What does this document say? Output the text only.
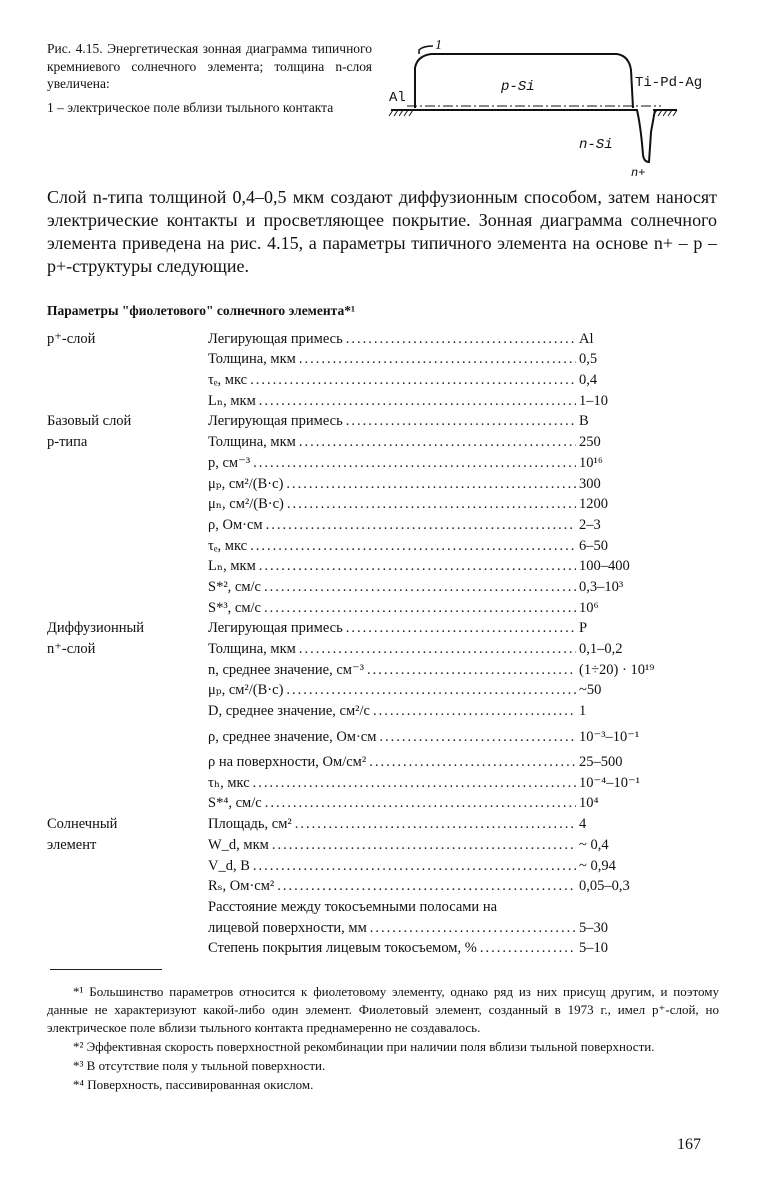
Рис. 4.15. Энергетическая зонная диаграмма типичного кремниевого солнечного элемента; толщина n-слоя увеличена:

1 – электрическое поле вблизи тыльного контакта

1
Al
p-Si	Ti-Pd-Ag
n-Si
n+

Слой n-типа толщиной 0,4–0,5 мкм создают диффузионным способом, затем наносят электрические контакты и просветляющее покрытие. Зонная диаграмма солнечного элемента приведена на рис. 4.15, а параметры типичного элемента на основе n+ – p – p+-структуры следующие.

Параметры "фиолетового" солнечного элемента*¹

p⁺-слой	Легирующая примесь .....	Al
Толщина, мкм .....	0,5
τₑ, мкс .....	0,4
Lₙ, мкм .....	1–10
Базовый слой	Легирующая примесь .....	B
p-типа	Толщина, мкм .....	250
p, см⁻³ .....	10¹⁶
μₚ, см²/(В·с) .....	300
μₙ, см²/(В·с) .....	1200
ρ, Ом·см .....	2–3
τₑ, мкс .....	6–50
Lₙ, мкм .....	100–400
S*², см/с .....	0,3–10³
S*³, см/с .....	10⁶
Диффузионный	Легирующая примесь .....	P
n⁺-слой	Толщина, мкм .....	0,1–0,2
n, среднее значение, см⁻³ .....	(1÷20) · 10¹⁹
μₚ, см²/(В·с) .....	~50
D, среднее значение, см²/с .....	1
ρ, среднее значение, Ом·см .....	10⁻³–10⁻¹
ρ на поверхности, Ом/см² .....	25–500
τₕ, мкс .....	10⁻⁴–10⁻¹
S*⁴, см/с .....	10⁴
Солнечный	Площадь, см² .....	4
элемент	W_d, мкм .....	~ 0,4
V_d, В .....	~ 0,94
Rₛ, Ом·см² .....	0,05–0,3
Расстояние между токосъемными полосами на
лицевой поверхности, мм .....	5–30
Степень покрытия лицевым токосъемом, % .....	5–10

*¹ Большинство параметров относится к фиолетовому элементу, однако ряд из них присущ другим, и поэтому данные не характеризуют какой-либо один элемент. Фиолетовый элемент, созданный в 1973 г., имел p⁺-слой, но электрическое поле вблизи тыльного контакта преднамеренно не создавалось.

*² Эффективная скорость поверхностной рекомбинации при наличии поля вблизи тыльной поверхности.

*³ В отсутствие поля у тыльной поверхности.

*⁴ Поверхность, пассивированная окислом.

167
